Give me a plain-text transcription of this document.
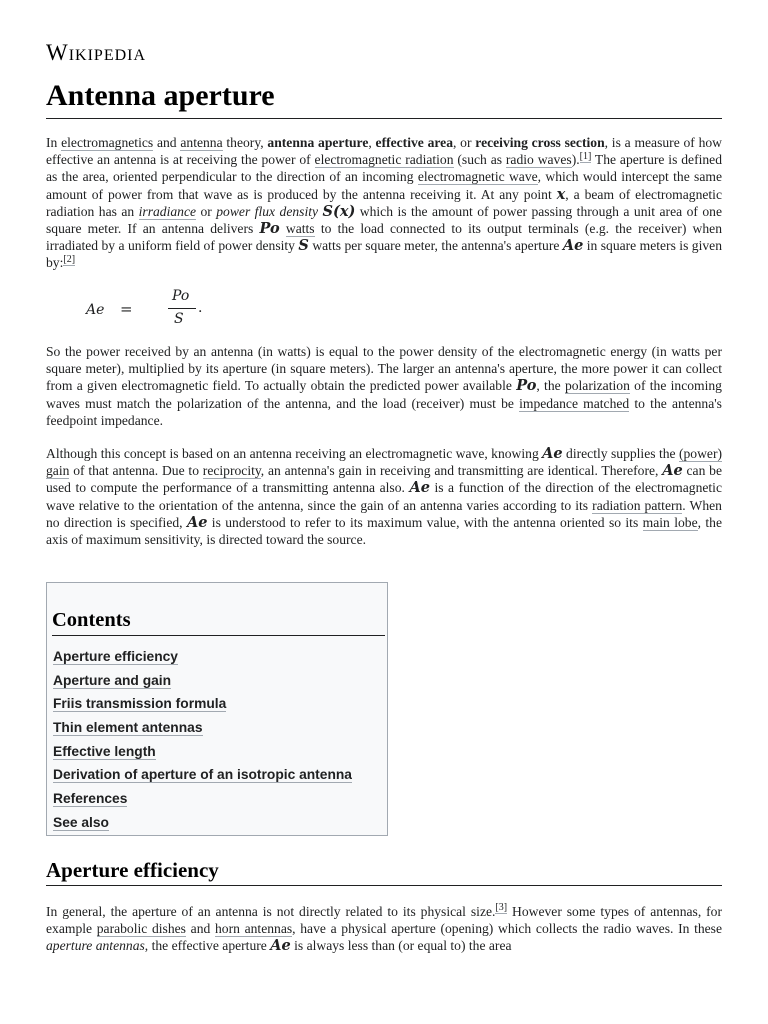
Wikipedia
Antenna aperture

In electromagnetics and antenna theory, antenna aperture, effective area, or receiving cross section, is a measure of how effective an antenna is at receiving the power of electromagnetic radiation (such as radio waves).[1] The aperture is defined as the area, oriented perpendicular to the direction of an incoming electromagnetic wave, which would intercept the same amount of power from that wave as is produced by the antenna receiving it. At any point x, a beam of electromagnetic radiation has an irradiance or power flux density S(x) which is the amount of power passing through a unit area of one square meter. If an antenna delivers Po watts to the load connected to its output terminals (e.g. the receiver) when irradiated by a uniform field of power density S watts per square meter, the antenna's aperture Ae in square meters is given by:[2]

Ae =
Po
S
.

So the power received by an antenna (in watts) is equal to the power density of the electromagnetic energy (in watts per square meter), multiplied by its aperture (in square meters). The larger an antenna's aperture, the more power it can collect from a given electromagnetic field. To actually obtain the predicted power available Po, the polarization of the incoming waves must match the polarization of the antenna, and the load (receiver) must be impedance matched to the antenna's feedpoint impedance.

Although this concept is based on an antenna receiving an electromagnetic wave, knowing Ae directly supplies the (power) gain of that antenna. Due to reciprocity, an antenna's gain in receiving and transmitting are identical. Therefore, Ae can be used to compute the performance of a transmitting antenna also. Ae is a function of the direction of the electromagnetic wave relative to the orientation of the antenna, since the gain of an antenna varies according to its radiation pattern. When no direction is specified, Ae is understood to refer to its maximum value, with the antenna oriented so its main lobe, the axis of maximum sensitivity, is directed toward the source.

Contents
Aperture efficiency
Aperture and gain
Friis transmission formula
Thin element antennas
Effective length
Derivation of aperture of an isotropic antenna
References
See also
Aperture efficiency

In general, the aperture of an antenna is not directly related to its physical size.[3] However some types of antennas, for example parabolic dishes and horn antennas, have a physical aperture (opening) which collects the radio waves. In these aperture antennas, the effective aperture Ae is always less than (or equal to) the area
